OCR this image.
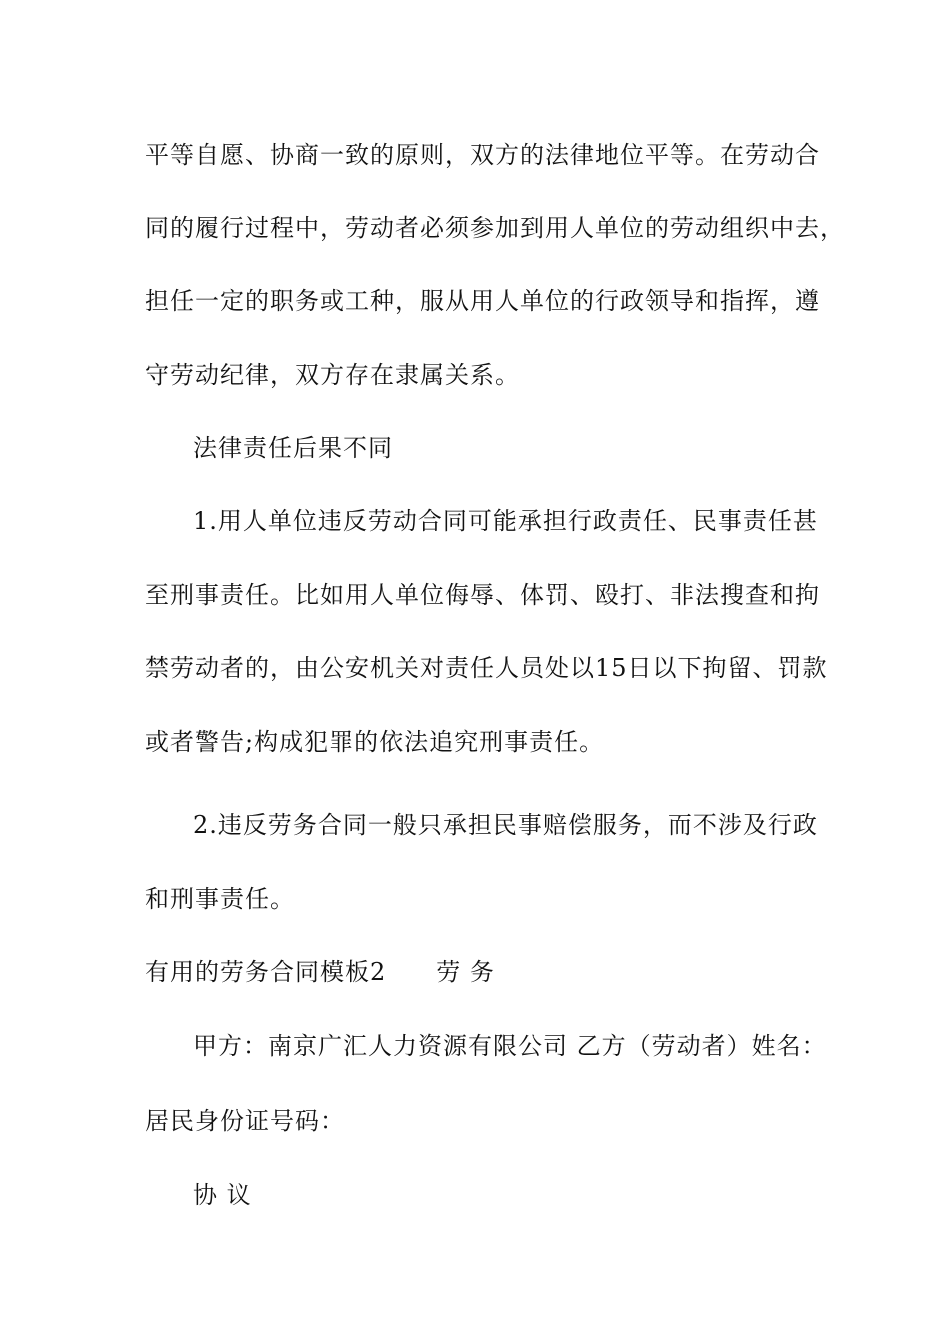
平等自愿、协商一致的原则，双方的法律地位平等。在劳动合
同的履行过程中，劳动者必须参加到用人单位的劳动组织中去，
担任一定的职务或工种，服从用人单位的行政领导和指挥，遵
守劳动纪律，双方存在隶属关系。
法律责任后果不同
1.用人单位违反劳动合同可能承担行政责任、民事责任甚
至刑事责任。比如用人单位侮辱、体罚、殴打、非法搜查和拘
禁劳动者的，由公安机关对责任人员处以15日以下拘留、罚款
或者警告;构成犯罪的依法追究刑事责任。
2.违反劳务合同一般只承担民事赔偿服务，而不涉及行政
和刑事责任。
有用的劳务合同模板2　　劳 务
甲方：南京广汇人力资源有限公司 乙方（劳动者）姓名：
居民身份证号码：
协 议
